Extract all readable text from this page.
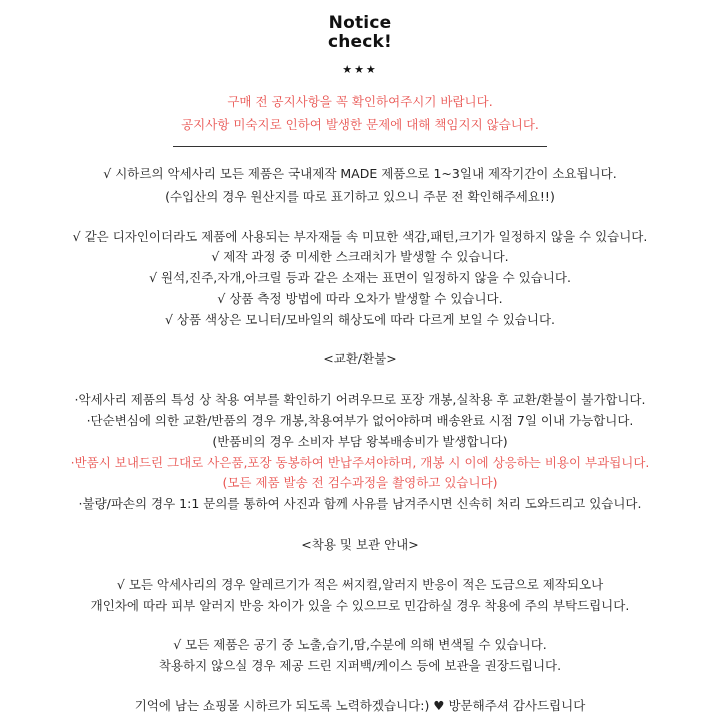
Notice
check!
★★★
구매 전 공지사항을 꼭 확인하여주시기 바랍니다.
공지사항 미숙지로 인하여 발생한 문제에 대해 책임지지 않습니다.
√ 시하르의 악세사리 모든 제품은 국내제작 MADE 제품으로 1~3일내 제작기간이 소요됩니다.
(수입산의 경우 원산지를 따로 표기하고 있으니 주문 전 확인해주세요!!)
√ 같은 디자인이더라도 제품에 사용되는 부자재들 속 미묘한 색감,패턴,크기가 일정하지 않을 수 있습니다.
√ 제작 과정 중 미세한 스크래치가 발생할 수 있습니다.
√ 원석,진주,자개,아크릴 등과 같은 소재는 표면이 일정하지 않을 수 있습니다.
√ 상품 측정 방법에 따라 오차가 발생할 수 있습니다.
√ 상품 색상은 모니터/모바일의 해상도에 따라 다르게 보일 수 있습니다.
<교환/환불>
·악세사리 제품의 특성 상 착용 여부를 확인하기 어려우므로 포장 개봉,실착용 후 교환/환불이 불가합니다.
·단순변심에 의한 교환/반품의 경우 개봉,착용여부가 없어야하며 배송완료 시점 7일 이내 가능합니다.
(반품비의 경우 소비자 부담 왕복배송비가 발생합니다)
·반품시 보내드린 그대로 사은품,포장 동봉하여 반납주셔야하며, 개봉 시 이에 상응하는 비용이 부과됩니다.
(모든 제품 발송 전 검수과정을 촬영하고 있습니다)
·불량/파손의 경우 1:1 문의를 통하여 사진과 함께 사유를 남겨주시면 신속히 처리 도와드리고 있습니다.
<착용 및 보관 안내>
√ 모든 악세사리의 경우 알레르기가 적은 써지컬,알러지 반응이 적은 도금으로 제작되오나
개인차에 따라 피부 알러지 반응 차이가 있을 수 있으므로 민감하실 경우 착용에 주의 부탁드립니다.
√ 모든 제품은 공기 중 노출,습기,땀,수분에 의해 변색될 수 있습니다.
착용하지 않으실 경우 제공 드린 지퍼백/케이스 등에 보관을 권장드립니다.
기억에 남는 쇼핑몰 시하르가 되도록 노력하겠습니다:) ♥ 방문해주셔 감사드립니다
